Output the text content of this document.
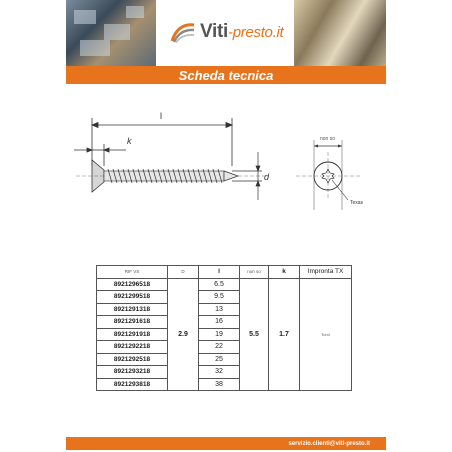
Viti-presto.it
Scheda tecnica
l
k
d
non so
Texas
RIF VS	D	l	non so	k	Impronta TX
8921296518	2.9	6.5	5.5	1.7	Torxi
8921299518		9.5			
8921291318		13			
8921291618		16			
8921291918		19			
8921292218		22			
8921292518		25			
8921293218		32			
8921293818		38			
servizio.clienti@viti-presto.it
